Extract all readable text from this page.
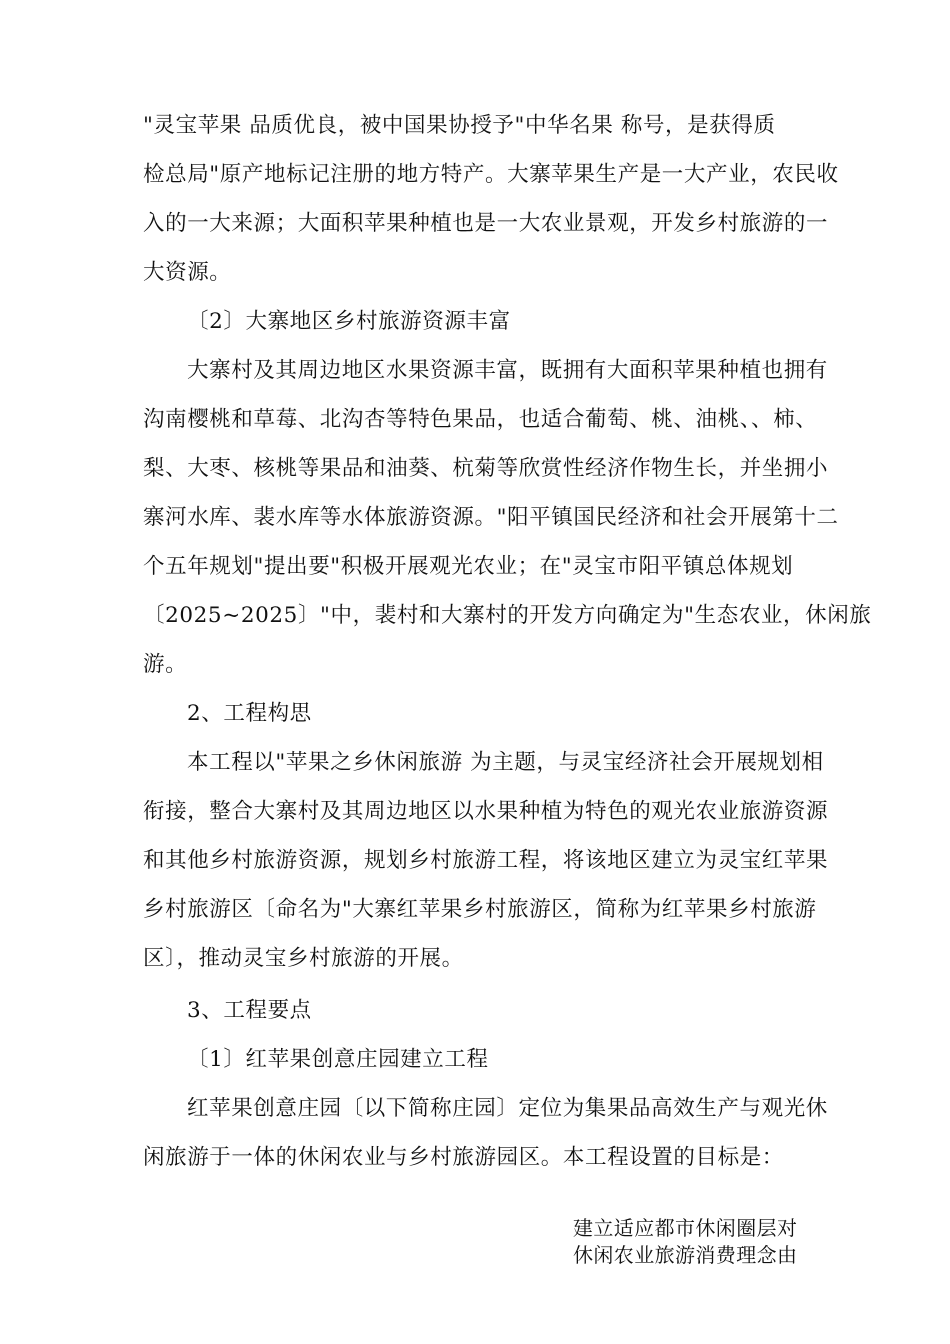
"灵宝苹果 品质优良，被中国果协授予"中华名果 称号，是获得质
检总局"原产地标记注册的地方特产。大寨苹果生产是一大产业，农民收
入的一大来源；大面积苹果种植也是一大农业景观，开发乡村旅游的一
大资源。
〔2〕大寨地区乡村旅游资源丰富
大寨村及其周边地区水果资源丰富，既拥有大面积苹果种植也拥有
沟南樱桃和草莓、北沟杏等特色果品，也适合葡萄、桃、油桃、、柿、
梨、大枣、核桃等果品和油葵、杭菊等欣赏性经济作物生长，并坐拥小
寨河水库、裴水库等水体旅游资源。"阳平镇国民经济和社会开展第十二
个五年规划"提出要"积极开展观光农业；在"灵宝市阳平镇总体规划
〔2025~2025〕"中，裴村和大寨村的开发方向确定为"生态农业，休闲旅
游。
2、工程构思
本工程以"苹果之乡休闲旅游 为主题，与灵宝经济社会开展规划相
衔接，整合大寨村及其周边地区以水果种植为特色的观光农业旅游资源
和其他乡村旅游资源，规划乡村旅游工程，将该地区建立为灵宝红苹果
乡村旅游区〔命名为"大寨红苹果乡村旅游区，简称为红苹果乡村旅游
区〕，推动灵宝乡村旅游的开展。
3、工程要点
〔1〕红苹果创意庄园建立工程
红苹果创意庄园〔以下简称庄园〕定位为集果品高效生产与观光休
闲旅游于一体的休闲农业与乡村旅游园区。本工程设置的目标是：
建立适应都市休闲圈层对
休闲农业旅游消费理念由
